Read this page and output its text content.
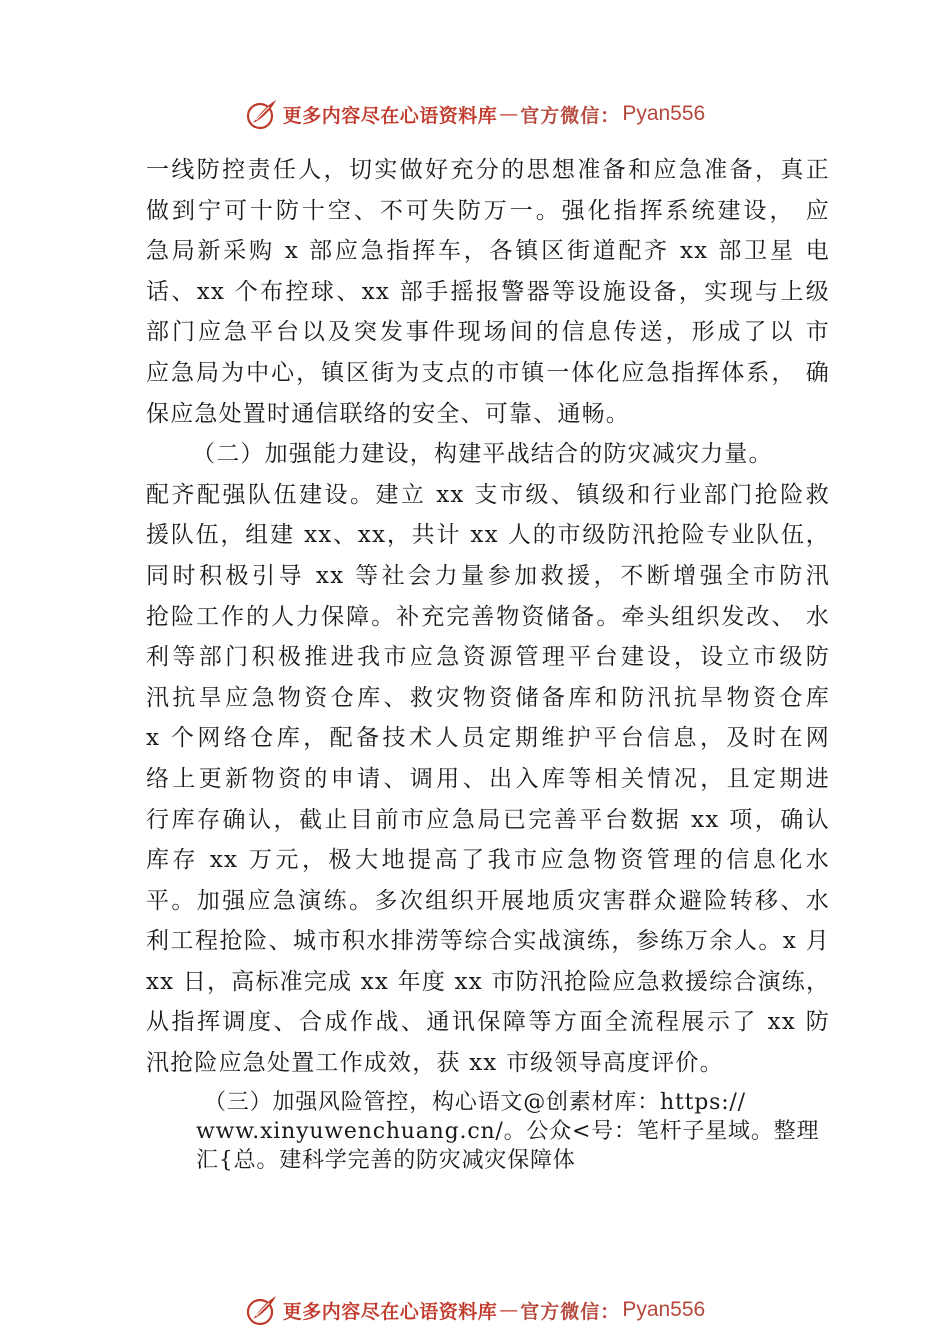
更多内容尽在心语资料库 — 官方微信： Pyan556
一线防控责任人，切实做好充分的思想准备和应急准备，真正
做到宁可十防十空、不可失防万一。强化指挥系统建设， 应
急局新采购 x 部应急指挥车，各镇区街道配齐 xx 部卫星 电
话、xx 个布控球、xx 部手摇报警器等设施设备，实现与上级
部门应急平台以及突发事件现场间的信息传送，形成了以 市
应急局为中心，镇区街为支点的市镇一体化应急指挥体系， 确
保应急处置时通信联络的安全、可靠、通畅。
（二）加强能力建设，构建平战结合的防灾减灾力量。
配齐配强队伍建设。建立 xx 支市级、镇级和行业部门抢险救
援队伍，组建 xx、xx，共计 xx 人的市级防汛抢险专业队伍，
同时积极引导 xx 等社会力量参加救援，不断增强全市防汛
抢险工作的人力保障。补充完善物资储备。牵头组织发改、 水
利等部门积极推进我市应急资源管理平台建设，设立市级防
汛抗旱应急物资仓库、救灾物资储备库和防汛抗旱物资仓库
x 个网络仓库，配备技术人员定期维护平台信息，及时在网
络上更新物资的申请、调用、出入库等相关情况，且定期进
行库存确认，截止目前市应急局已完善平台数据 xx 项，确认
库存 xx 万元，极大地提高了我市应急物资管理的信息化水
平。加强应急演练。多次组织开展地质灾害群众避险转移、水
利工程抢险、城市积水排涝等综合实战演练，参练万余人。x 月
xx 日，高标准完成 xx 年度 xx 市防汛抢险应急救援综合演练，
从指挥调度、合成作战、通讯保障等方面全流程展示了 xx 防
汛抢险应急处置工作成效，获 xx 市级领导高度评价。
（三）加强风险管控，构心语文@创素材库：https://
www.xinyuwenchuang.cn/。公众<号：笔杆子星域。整理
汇{总。建科学完善的防灾减灾保障体
更多内容尽在心语资料库 — 官方微信： Pyan556
